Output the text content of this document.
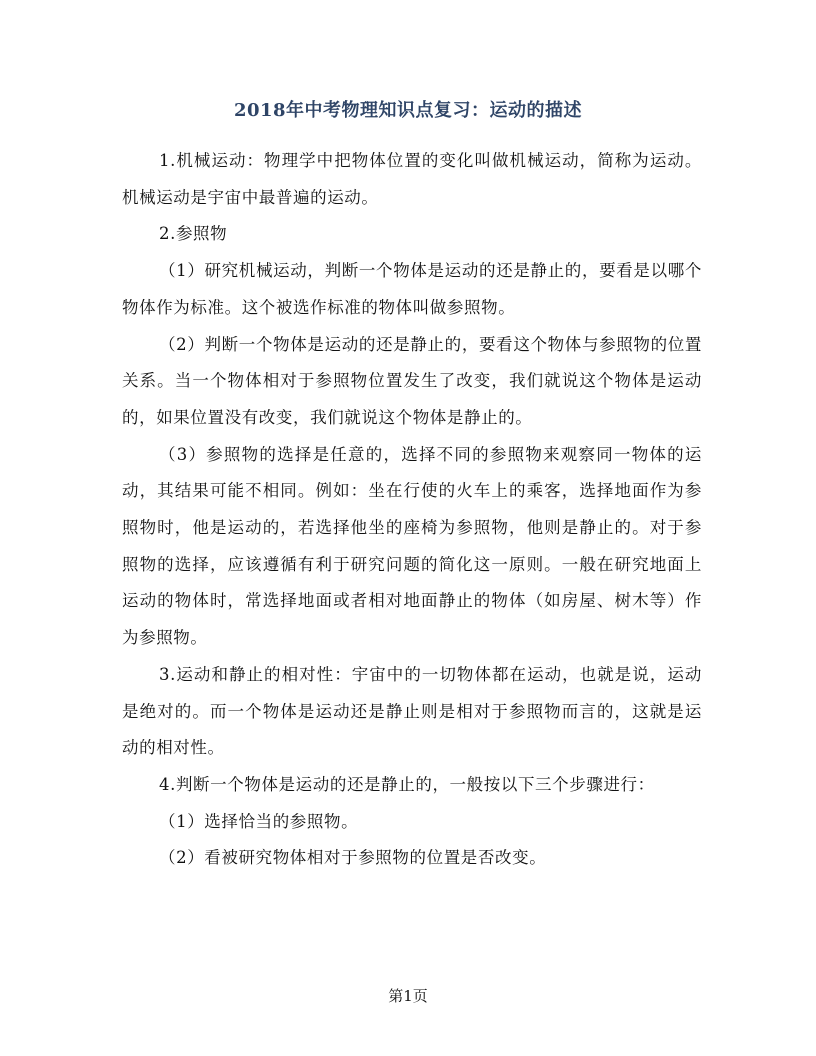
2018年中考物理知识点复习：运动的描述

1.机械运动：物理学中把物体位置的变化叫做机械运动，简称为运动。机械运动是宇宙中最普遍的运动。

2.参照物

（1）研究机械运动，判断一个物体是运动的还是静止的，要看是以哪个物体作为标准。这个被选作标准的物体叫做参照物。

（2）判断一个物体是运动的还是静止的，要看这个物体与参照物的位置关系。当一个物体相对于参照物位置发生了改变，我们就说这个物体是运动的，如果位置没有改变，我们就说这个物体是静止的。

（3）参照物的选择是任意的，选择不同的参照物来观察同一物体的运动，其结果可能不相同。例如：坐在行使的火车上的乘客，选择地面作为参照物时，他是运动的，若选择他坐的座椅为参照物，他则是静止的。对于参照物的选择，应该遵循有利于研究问题的简化这一原则。一般在研究地面上运动的物体时，常选择地面或者相对地面静止的物体（如房屋、树木等）作为参照物。

3.运动和静止的相对性：宇宙中的一切物体都在运动，也就是说，运动是绝对的。而一个物体是运动还是静止则是相对于参照物而言的，这就是运动的相对性。

4.判断一个物体是运动的还是静止的，一般按以下三个步骤进行：

（1）选择恰当的参照物。

（2）看被研究物体相对于参照物的位置是否改变。

第1页
